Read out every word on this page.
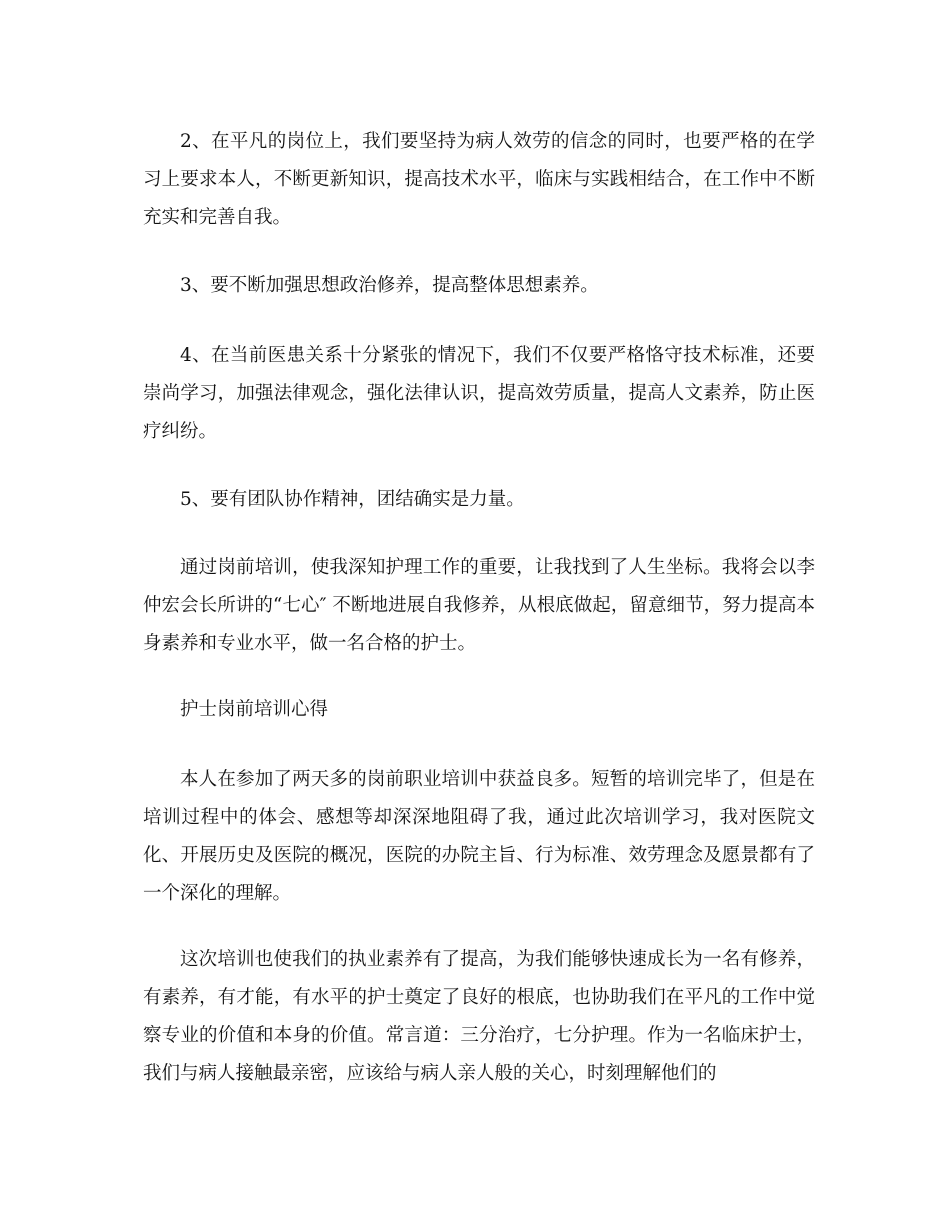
2、在平凡的岗位上，我们要坚持为病人效劳的信念的同时，也要严格的在学习上要求本人，不断更新知识，提高技术水平，临床与实践相结合，在工作中不断充实和完善自我。

3、要不断加强思想政治修养，提高整体思想素养。

4、在当前医患关系十分紧张的情况下，我们不仅要严格恪守技术标准，还要崇尚学习，加强法律观念，强化法律认识，提高效劳质量，提高人文素养，防止医疗纠纷。

5、要有团队协作精神，团结确实是力量。

通过岗前培训，使我深知护理工作的重要，让我找到了人生坐标。我将会以李仲宏会长所讲的“七心″ 不断地进展自我修养，从根底做起，留意细节，努力提高本身素养和专业水平，做一名合格的护士。

护士岗前培训心得

本人在参加了两天多的岗前职业培训中获益良多。短暂的培训完毕了，但是在培训过程中的体会、感想等却深深地阻碍了我，通过此次培训学习，我对医院文化、开展历史及医院的概况，医院的办院主旨、行为标准、效劳理念及愿景都有了一个深化的理解。

这次培训也使我们的执业素养有了提高，为我们能够快速成长为一名有修养，有素养，有才能，有水平的护士奠定了良好的根底，也协助我们在平凡的工作中觉察专业的价值和本身的价值。常言道：三分治疗，七分护理。作为一名临床护士，我们与病人接触最亲密，应该给与病人亲人般的关心，时刻理解他们的
